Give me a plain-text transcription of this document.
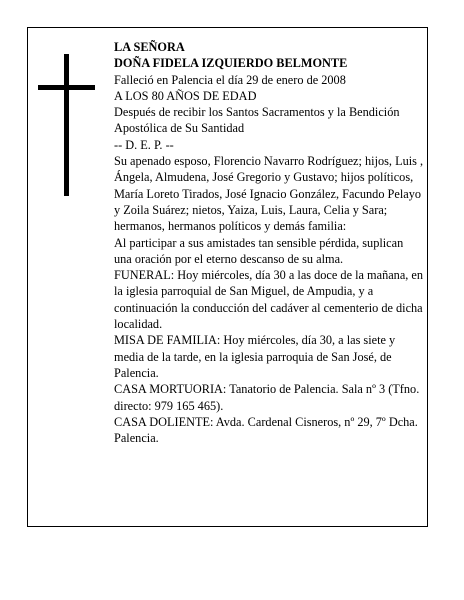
LA SEÑORA

DOÑA FIDELA IZQUIERDO BELMONTE

Falleció en Palencia el día 29 de enero de 2008

A LOS 80 AÑOS DE EDAD

Después de recibir los Santos Sacramentos y la Bendición Apostólica de Su Santidad

-- D. E. P. --

Su apenado esposo, Florencio Navarro Rodríguez; hijos, Luis , Ángela, Almudena, José Gregorio y Gustavo; hijos políticos, María Loreto Tirados, José Ignacio González, Facundo Pelayo y Zoila Suárez; nietos, Yaiza, Luis, Laura, Celia y Sara; hermanos, hermanos políticos y demás familia:

Al participar a sus amistades tan sensible pérdida, suplican una oración por el eterno descanso de su alma.

FUNERAL: Hoy miércoles, día 30 a las doce de la mañana, en la iglesia parroquial de San Miguel, de Ampudia, y a continuación la conducción del cadáver al cementerio de dicha localidad.

MISA DE FAMILIA: Hoy miércoles, día 30, a las siete y media de la tarde, en la iglesia parroquia de San José, de Palencia.

CASA MORTUORIA: Tanatorio de Palencia. Sala nº 3 (Tfno. directo: 979 165 465).

CASA DOLIENTE: Avda. Cardenal Cisneros, nº 29, 7º Dcha. Palencia.
